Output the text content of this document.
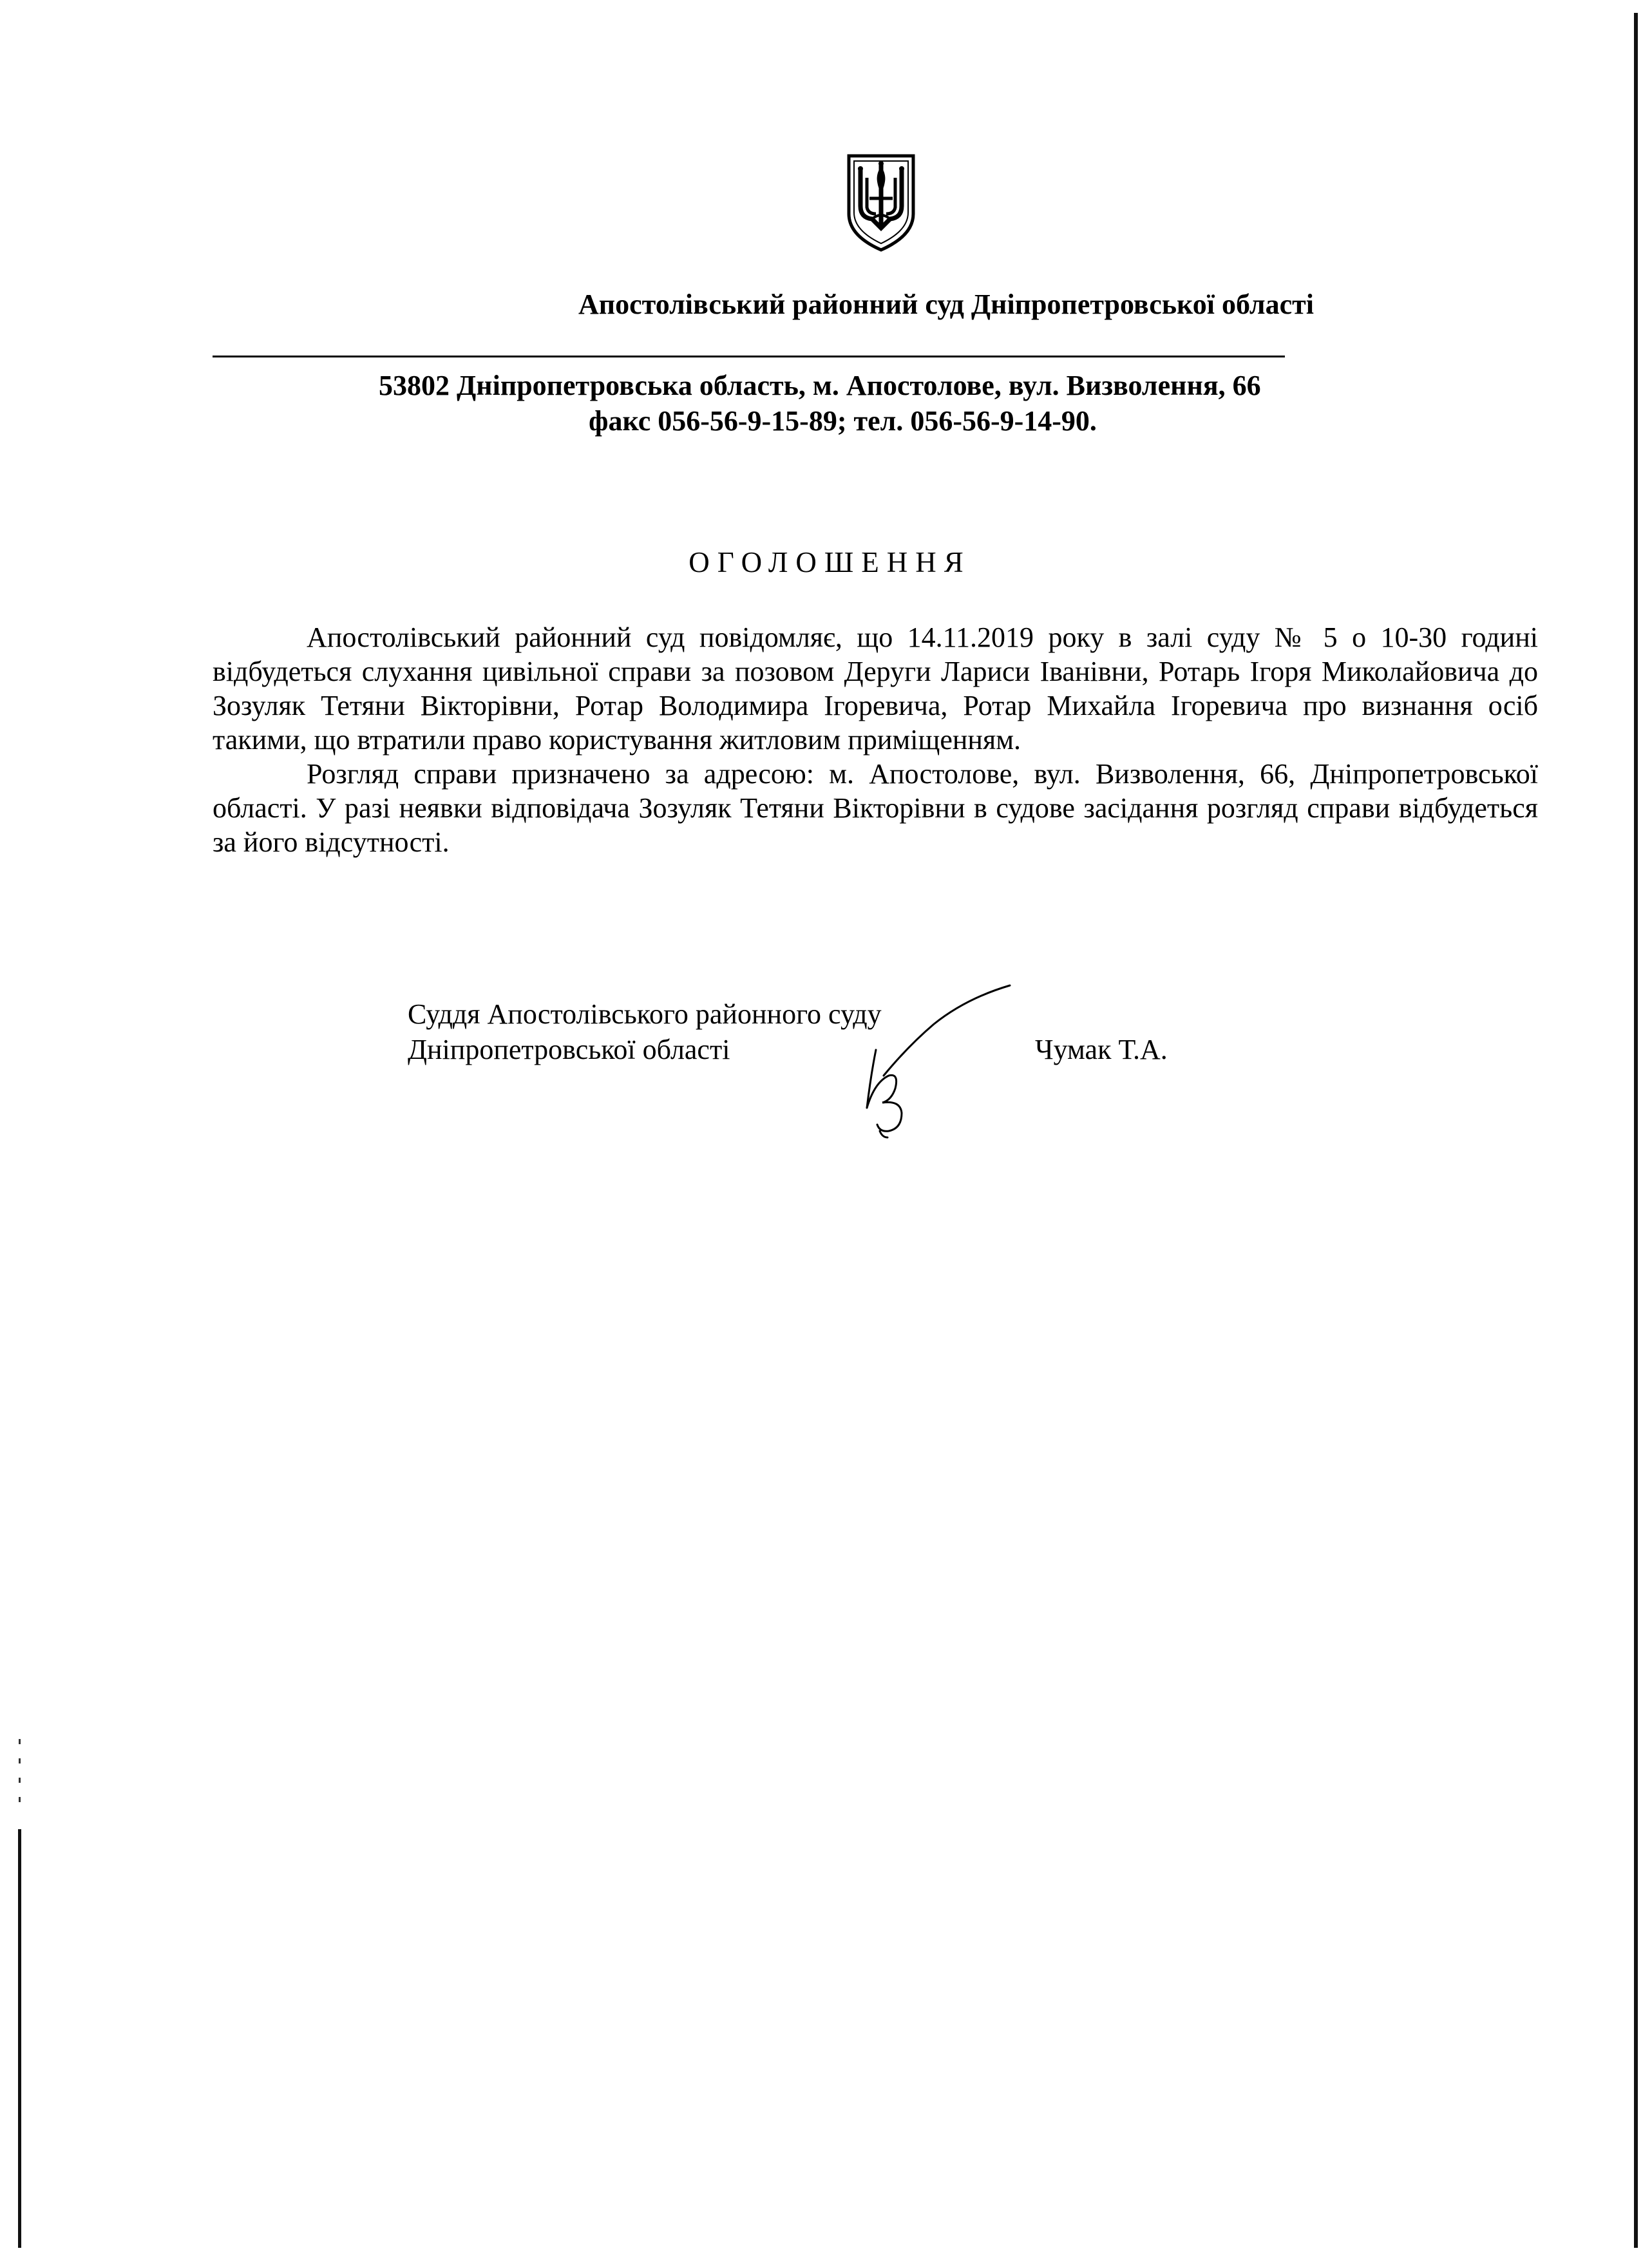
Апостолівський районний суд Дніпропетровської області
53802 Дніпропетровська область, м. Апостолове, вул. Визволення, 66
факс 056-56-9-15-89; тел. 056-56-9-14-90.
ОГОЛОШЕННЯ

Апостолівський районний суд повідомляє, що 14.11.2019 року в залі суду № 5 о 10-30 годині відбудеться слухання цивільної справи за позовом Деруги Лариси Іванівни, Ротарь Ігоря Миколайовича до Зозуляк Тетяни Вікторівни, Ротар Володимира Ігоревича, Ротар Михайла Ігоревича про визнання осіб такими, що втратили право користування житловим приміщенням.

Розгляд справи призначено за адресою: м. Апостолове, вул. Визволення, 66, Дніпропетровської області. У разі неявки відповідача Зозуляк Тетяни Вікторівни в судове засідання розгляд справи відбудеться за його відсутності.

Суддя Апостолівського районного суду
Дніпропетровської області	Чумак Т.А.
